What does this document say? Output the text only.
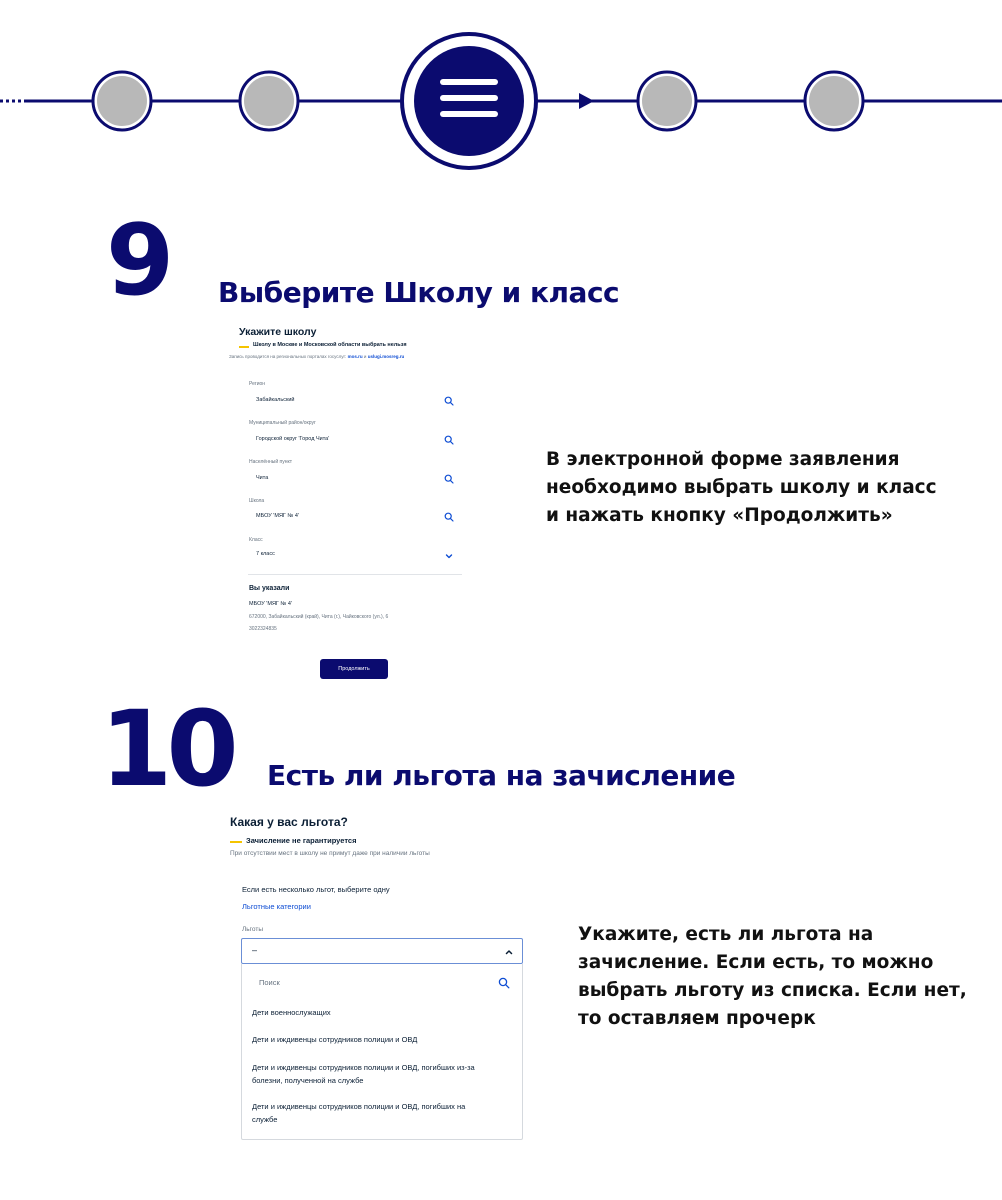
9 Выберите Школу и класс
В электронной форме заявления
необходимо выбрать школу и класс
и нажать кнопку «Продолжить»
Укажите школу
Школу в Москве и Московской области выбрать нельзя
Запись проводится на региональных порталах госуслуг: mos.ru и uslugi.mosreg.ru
Регион
Забайкальский
Муниципальный район/округ
Городской округ 'Город Чита'
Населённый пункт
Чита
Школа
МБОУ 'МЯГ № 4'
Класс
7 класс
Вы указали
МБОУ 'МЯГ № 4'
672000, Забайкальский (край), Чита (г.), Чайковского (ул.), 6
3022324835
Продолжить
10 Есть ли льгота на зачисление
Укажите, есть ли льгота на
зачисление. Если есть, то можно
выбрать льготу из списка. Если нет,
то оставляем прочерк
Какая у вас льгота?
Зачисление не гарантируется
При отсутствии мест в школу не примут даже при наличии льготы
Если есть несколько льгот, выберите одну
Льготные категории
Льготы
–
Поиск
Дети военнослужащих
Дети и иждивенцы сотрудников полиции и ОВД
Дети и иждивенцы сотрудников полиции и ОВД, погибших из-за
болезни, полученной на службе
Дети и иждивенцы сотрудников полиции и ОВД, погибших на
службе
